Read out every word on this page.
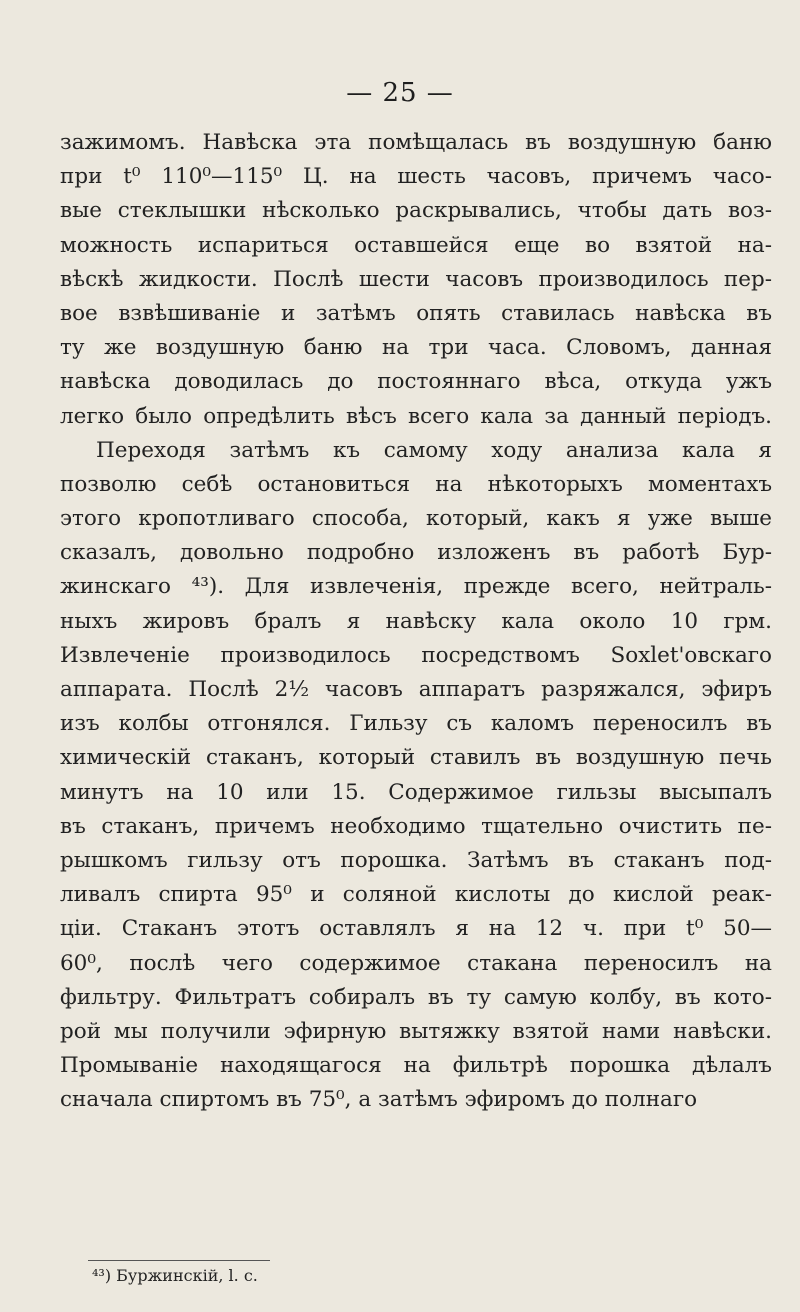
— 25 —
зажимомъ. Навѣска эта помѣщалась въ воздушную баню
при t⁰ 110⁰—115⁰ Ц. на шесть часовъ, причемъ часо-
вые стеклышки нѣсколько раскрывались, чтобы дать воз-
можность испариться оставшейся еще во взятой на-
вѣскѣ жидкости. Послѣ шести часовъ производилось пер-
вое взвѣшиваніе и затѣмъ опять ставилась навѣска въ
ту же воздушную баню на три часа. Словомъ, данная
навѣска доводилась до постояннаго вѣса, откуда ужъ
легко было опредѣлить вѣсъ всего кала за данный періодъ.
Переходя затѣмъ къ самому ходу анализа кала я
позволю себѣ остановиться на нѣкоторыхъ моментахъ
этого кропотливаго способа, который, какъ я уже выше
сказалъ, довольно подробно изложенъ въ работѣ Бур-
жинскаго ⁴³). Для извлеченія, прежде всего, нейтраль-
ныхъ жировъ бралъ я навѣску кала около 10 грм.
Извлеченіе производилось посредствомъ Soxlet'овскаго
аппарата. Послѣ 2½ часовъ аппаратъ разряжался, эфиръ
изъ колбы отгонялся. Гильзу съ каломъ переносилъ въ
химическій стаканъ, который ставилъ въ воздушную печь
минутъ на 10 или 15. Содержимое гильзы высыпалъ
въ стаканъ, причемъ необходимо тщательно очистить пе-
рышкомъ гильзу отъ порошка. Затѣмъ въ стаканъ под-
ливалъ спирта 95⁰ и соляной кислоты до кислой реак-
ціи. Стаканъ этотъ оставлялъ я на 12 ч. при t⁰ 50—
60⁰, послѣ чего содержимое стакана переносилъ на
фильтру. Фильтратъ собиралъ въ ту самую колбу, въ кото-
рой мы получили эфирную вытяжку взятой нами навѣски.
Промываніе находящагося на фильтрѣ порошка дѣлалъ
сначала спиртомъ въ 75⁰, а затѣмъ эфиромъ до полнаго
⁴³) Буржинскій, l. c.
